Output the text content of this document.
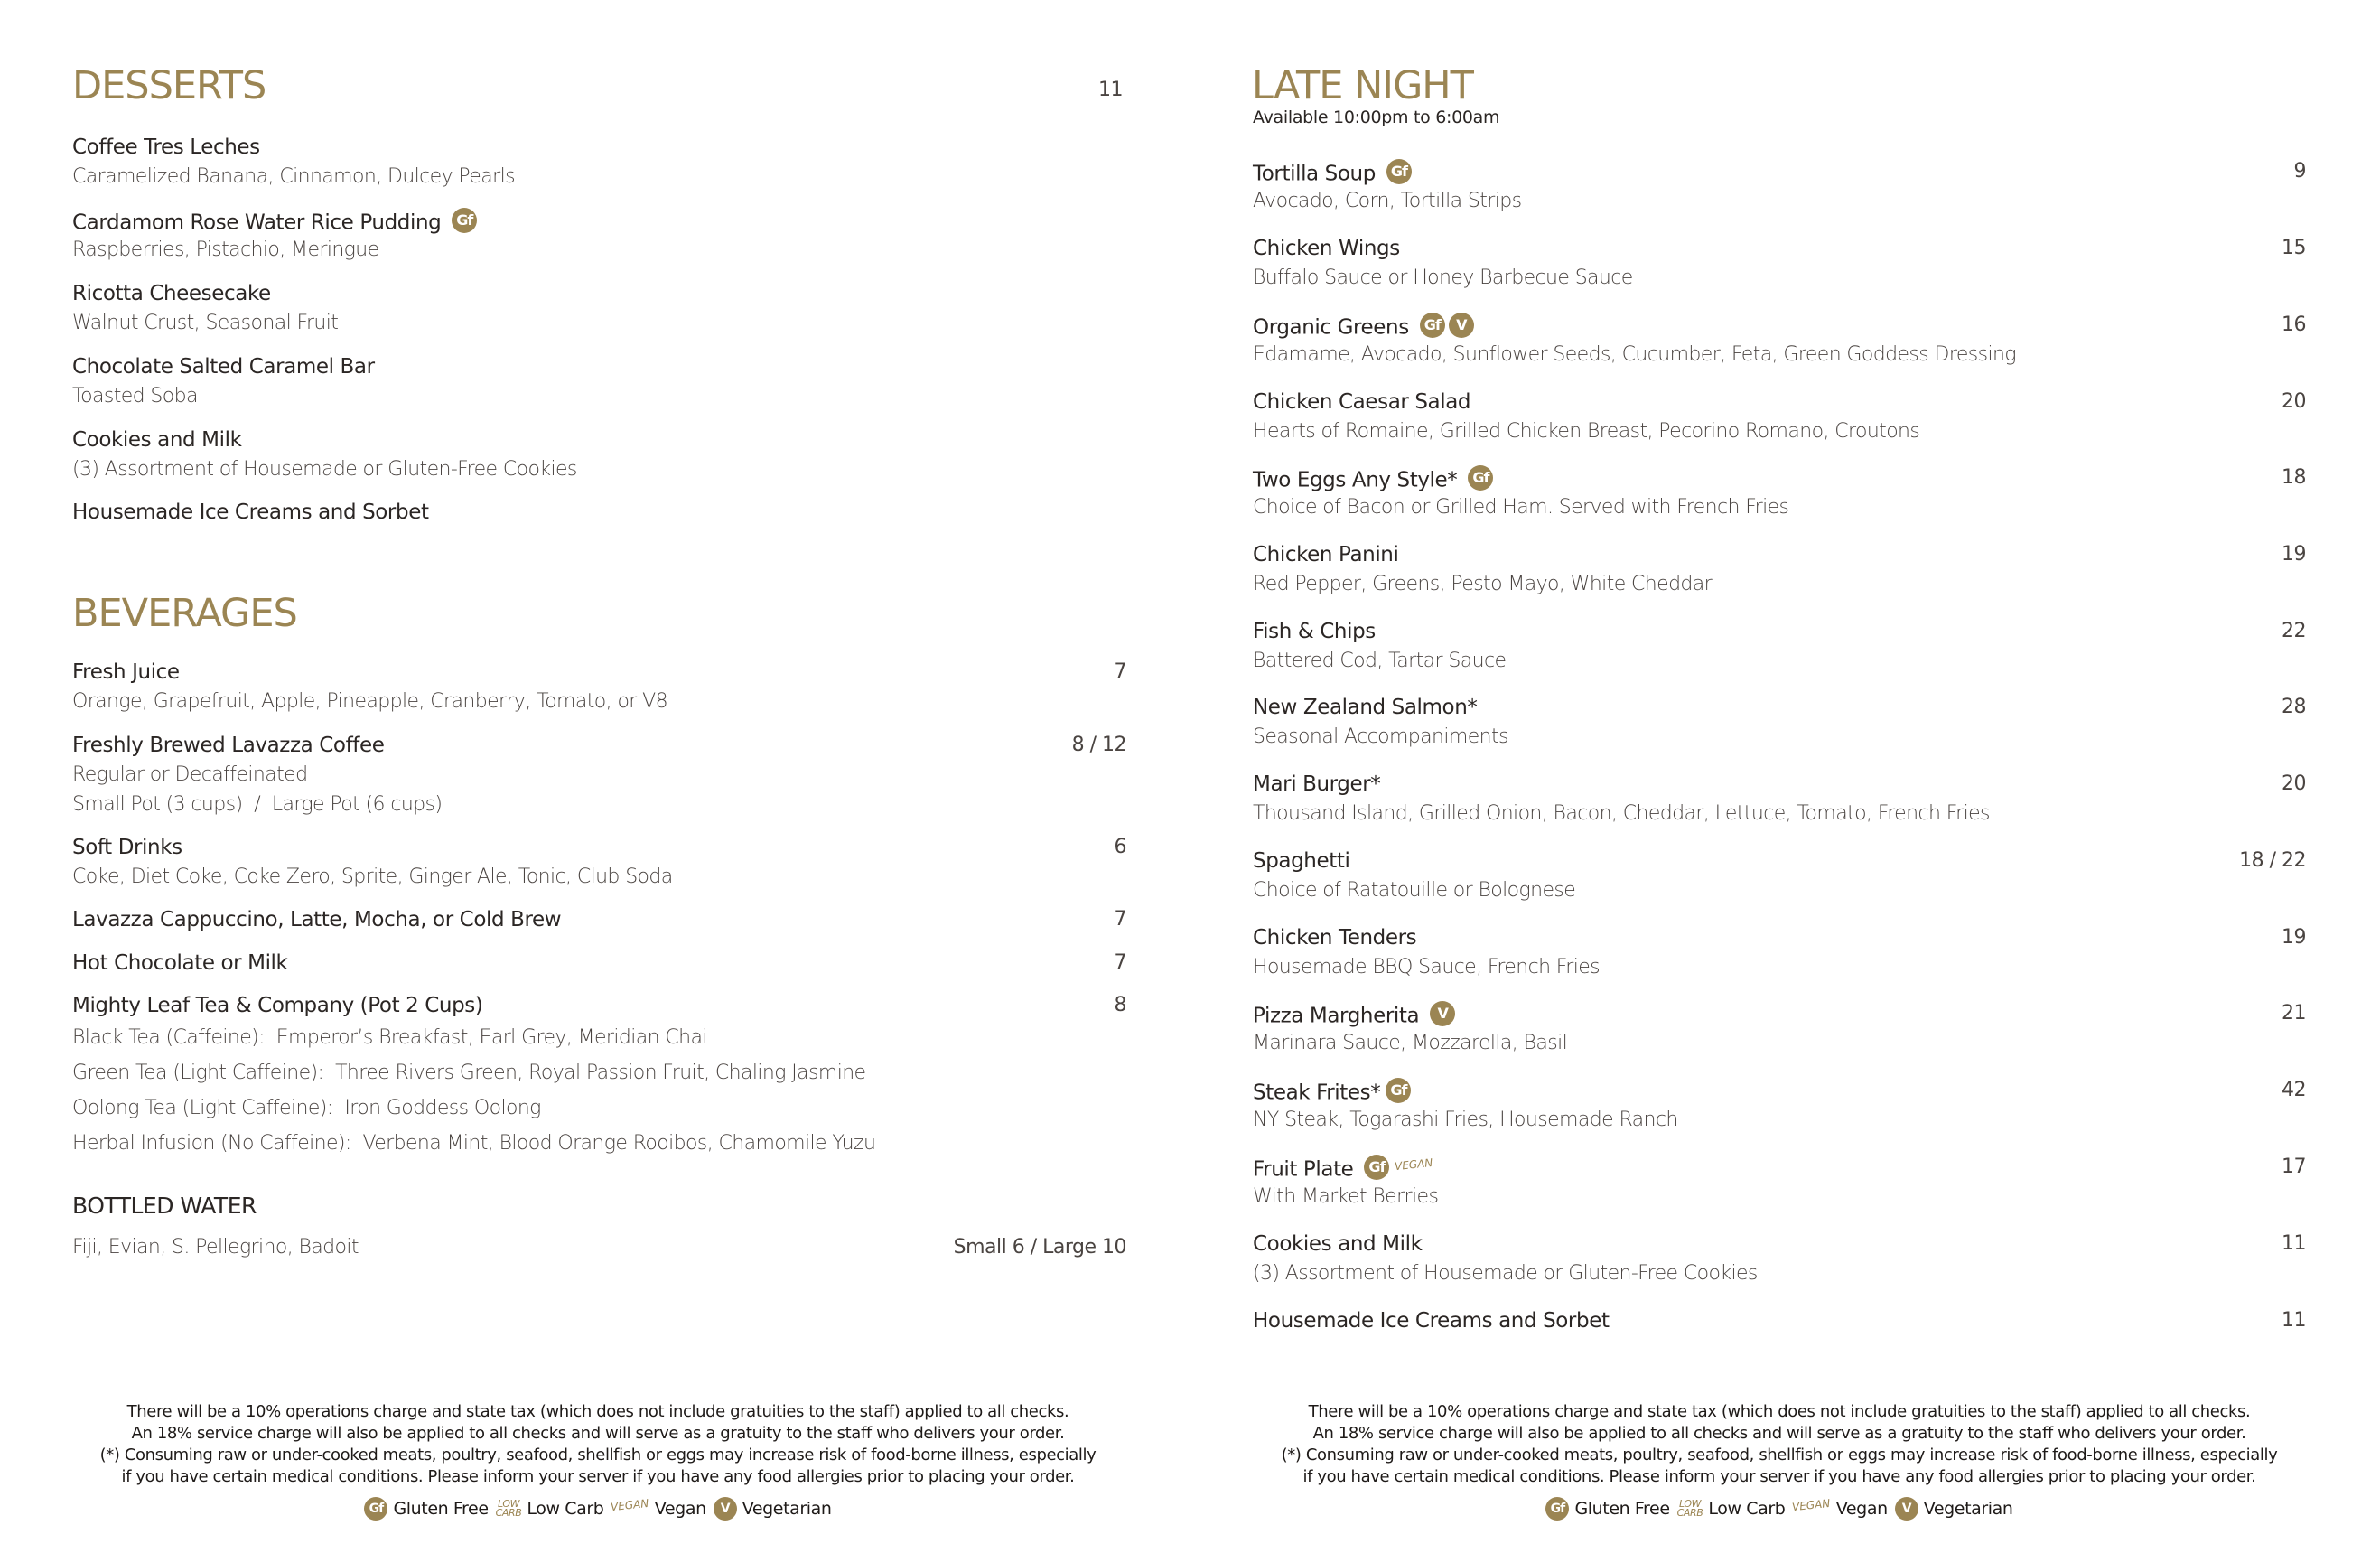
DESSERTS	11
Coffee Tres Leches
Caramelized Banana, Cinnamon, Dulcey Pearls
Cardamom Rose Water Rice Pudding Gf
Raspberries, Pistachio, Meringue
Ricotta Cheesecake
Walnut Crust, Seasonal Fruit
Chocolate Salted Caramel Bar
Toasted Soba
Cookies and Milk
(3) Assortment of Housemade or Gluten-Free Cookies
Housemade Ice Creams and Sorbet
BEVERAGES
Fresh Juice	7
Orange, Grapefruit, Apple, Pineapple, Cranberry, Tomato, or V8
Freshly Brewed Lavazza Coffee	8 / 12
Regular or Decaffeinated
Small Pot (3 cups)  /  Large Pot (6 cups)
Soft Drinks	6
Coke, Diet Coke, Coke Zero, Sprite, Ginger Ale, Tonic, Club Soda
Lavazza Cappuccino, Latte, Mocha, or Cold Brew	7
Hot Chocolate or Milk	7
Mighty Leaf Tea & Company (Pot 2 Cups)	8
Black Tea (Caffeine):  Emperor’s Breakfast, Earl Grey, Meridian Chai
Green Tea (Light Caffeine):  Three Rivers Green, Royal Passion Fruit, Chaling Jasmine
Oolong Tea (Light Caffeine):  Iron Goddess Oolong
Herbal Infusion (No Caffeine):  Verbena Mint, Blood Orange Rooibos, Chamomile Yuzu
BOTTLED WATER
Fiji, Evian, S. Pellegrino, Badoit	Small 6 / Large 10

There will be a 10% operations charge and state tax (which does not include gratuities to the staff) applied to all checks.

An 18% service charge will also be applied to all checks and will serve as a gratuity to the staff who delivers your order.

(*) Consuming raw or under-cooked meats, poultry, seafood, shellfish or eggs may increase risk of food-borne illness, especially

if you have certain medical conditions. Please inform your server if you have any food allergies prior to placing your order.

Gf Gluten Free LOW
CARB Low Carb VEGAN Vegan	V Vegetarian
LATE NIGHT
Available 10:00pm to 6:00am
Tortilla Soup Gf	9
Avocado, Corn, Tortilla Strips
Chicken Wings	15
Buffalo Sauce or Honey Barbecue Sauce
Organic Greens Gf V	16
Edamame, Avocado, Sunflower Seeds, Cucumber, Feta, Green Goddess Dressing
Chicken Caesar Salad	20
Hearts of Romaine, Grilled Chicken Breast, Pecorino Romano, Croutons
Two Eggs Any Style* Gf	18
Choice of Bacon or Grilled Ham. Served with French Fries
Chicken Panini	19
Red Pepper, Greens, Pesto Mayo, White Cheddar
Fish & Chips	22
Battered Cod, Tartar Sauce
New Zealand Salmon*	28
Seasonal Accompaniments
Mari Burger*	20
Thousand Island, Grilled Onion, Bacon, Cheddar, Lettuce, Tomato, French Fries
Spaghetti	18 / 22
Choice of Ratatouille or Bolognese
Chicken Tenders	19
Housemade BBQ Sauce, French Fries
Pizza Margherita V	21
Marinara Sauce, Mozzarella, Basil
Steak Frites* Gf	42
NY Steak, Togarashi Fries, Housemade Ranch
Fruit Plate Gf VEGAN	17
With Market Berries
Cookies and Milk	11
(3) Assortment of Housemade or Gluten-Free Cookies
Housemade Ice Creams and Sorbet	11

There will be a 10% operations charge and state tax (which does not include gratuities to the staff) applied to all checks.

An 18% service charge will also be applied to all checks and will serve as a gratuity to the staff who delivers your order.

(*) Consuming raw or under-cooked meats, poultry, seafood, shellfish or eggs may increase risk of food-borne illness, especially

if you have certain medical conditions. Please inform your server if you have any food allergies prior to placing your order.

Gf Gluten Free LOW
CARB Low Carb VEGAN Vegan	V Vegetarian
